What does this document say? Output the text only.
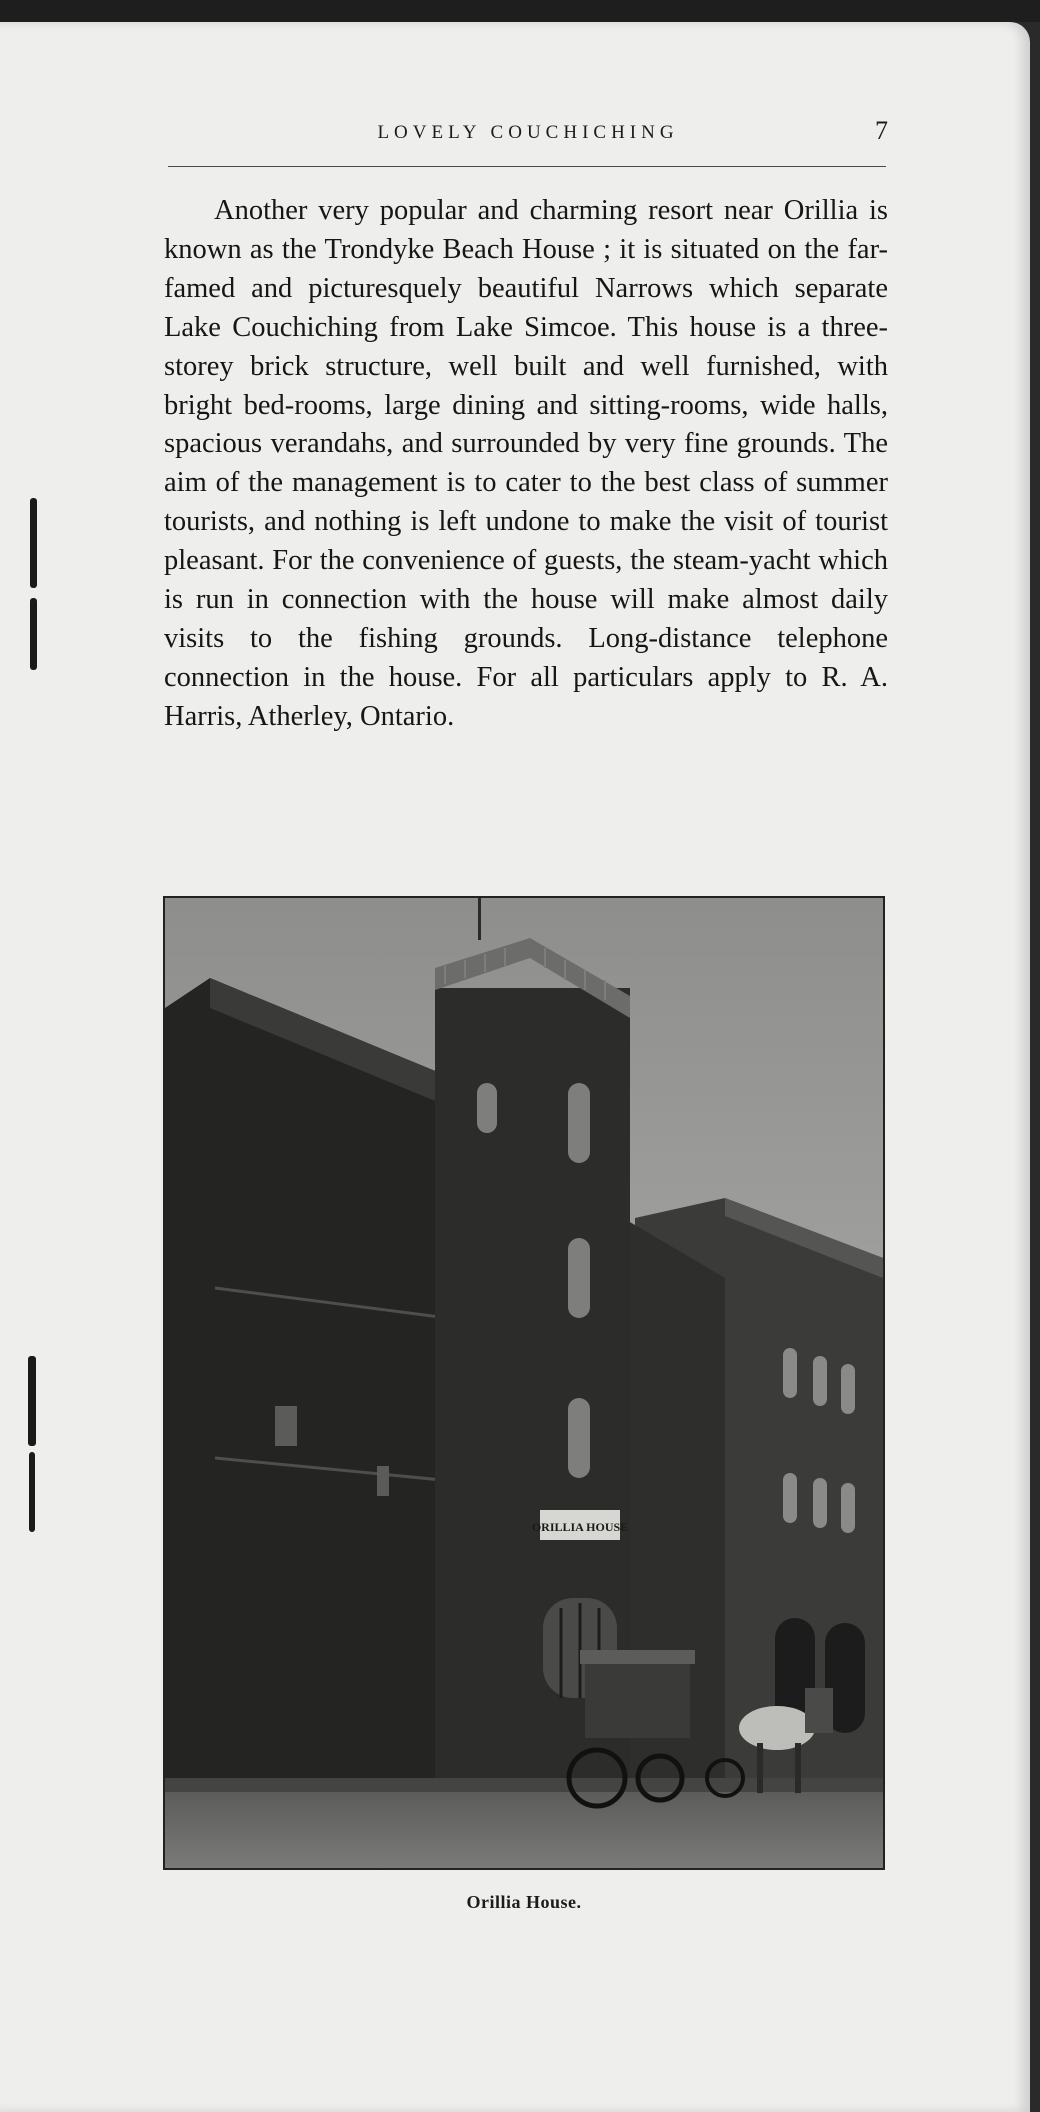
LOVELY COUCHICHING	7

Another very popular and charming resort near Orillia is known as the Trondyke Beach House ; it is situated on the far-famed and picturesquely beautiful Narrows which separate Lake Couchiching from Lake Simcoe. This house is a three-storey brick structure, well built and well furnished, with bright bed-rooms, large dining and sitting-rooms, wide halls, spacious verandahs, and surrounded by very fine grounds. The aim of the management is to cater to the best class of summer tourists, and nothing is left undone to make the visit of tourist pleasant. For the convenience of guests, the steam-yacht which is run in connection with the house will make almost daily visits to the fishing grounds. Long-distance telephone connection in the house. For all particulars apply to R. A. Harris, Atherley, Ontario.

ORILLIA HOUSE
Orillia House.
